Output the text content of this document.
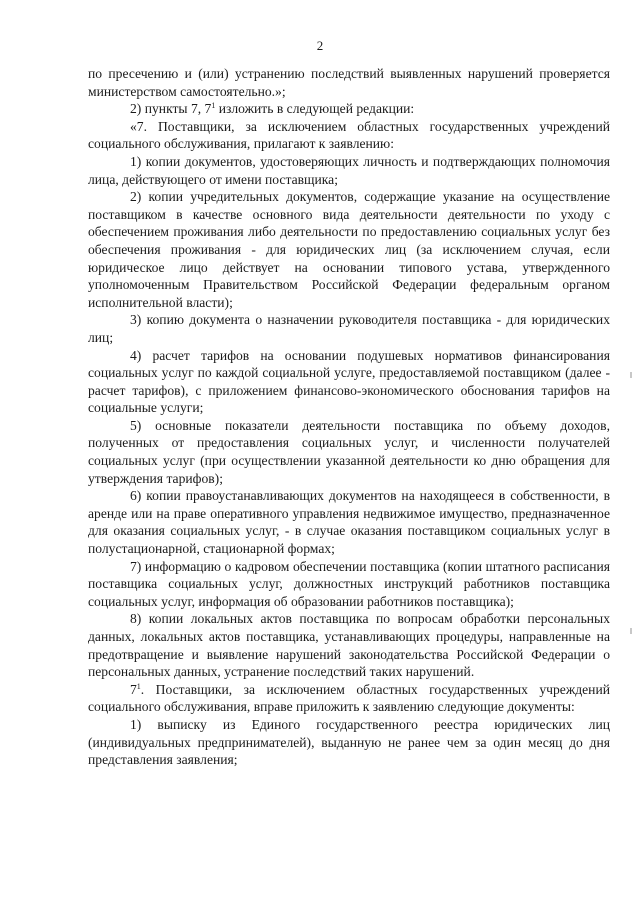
2

по пресечению и (или) устранению последствий выявленных нарушений проверяется министерством самостоятельно.»;

2) пункты 7, $7^1$ изложить в следующей редакции:

«7. Поставщики, за исключением областных государственных учреждений социального обслуживания, прилагают к заявлению:

1) копии документов, удостоверяющих личность и подтверждающих полномочия лица, действующего от имени поставщика;

2) копии учредительных документов, содержащие указание на осуществление поставщиком в качестве основного вида деятельности деятельности по уходу с обеспечением проживания либо деятельности по предоставлению социальных услуг без обеспечения проживания - для юридических лиц (за исключением случая, если юридическое лицо действует на основании типового устава, утвержденного уполномоченным Правительством Российской Федерации федеральным органом исполнительной власти);

3) копию документа о назначении руководителя поставщика - для юридических лиц;

4) расчет тарифов на основании подушевых нормативов финансирования социальных услуг по каждой социальной услуге, предоставляемой поставщиком (далее - расчет тарифов), с приложением финансово-экономического обоснования тарифов на социальные услуги;

5) основные показатели деятельности поставщика по объему доходов, полученных от предоставления социальных услуг, и численности получателей социальных услуг (при осуществлении указанной деятельности ко дню обращения для утверждения тарифов);

6) копии правоустанавливающих документов на находящееся в собственности, в аренде или на праве оперативного управления недвижимое имущество, предназначенное для оказания социальных услуг, - в случае оказания поставщиком социальных услуг в полустационарной, стационарной формах;

7) информацию о кадровом обеспечении поставщика (копии штатного расписания поставщика социальных услуг, должностных инструкций работников поставщика социальных услуг, информация об образовании работников поставщика);

8) копии локальных актов поставщика по вопросам обработки персональных данных, локальных актов поставщика, устанавливающих процедуры, направленные на предотвращение и выявление нарушений законодательства Российской Федерации о персональных данных, устранение последствий таких нарушений.

$7^1$. Поставщики, за исключением областных государственных учреждений социального обслуживания, вправе приложить к заявлению следующие документы:

1) выписку из Единого государственного реестра юридических лиц (индивидуальных предпринимателей), выданную не ранее чем за один месяц до дня представления заявления;
